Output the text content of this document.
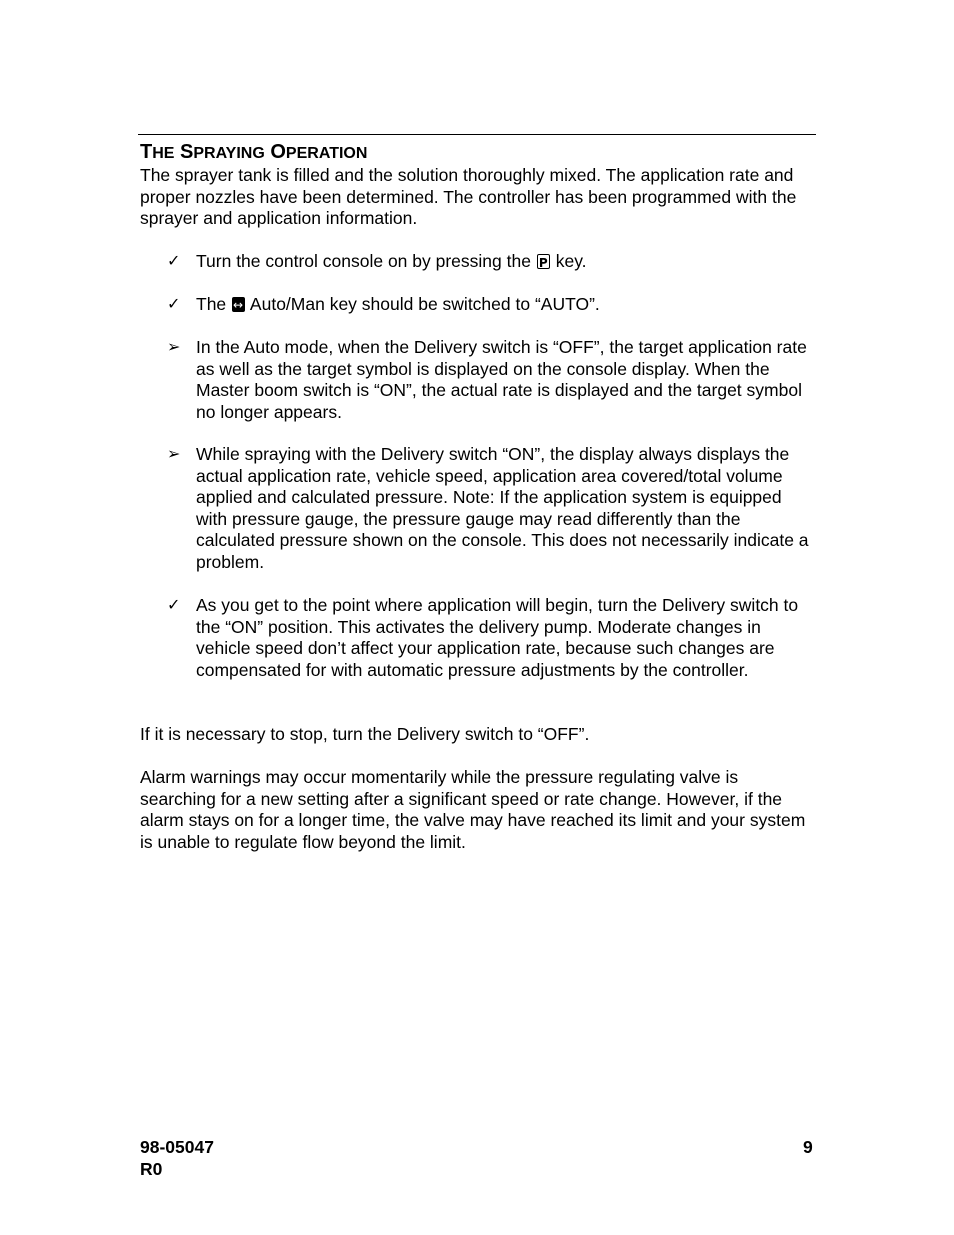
THE SPRAYING OPERATION

The sprayer tank is filled and the solution thoroughly mixed. The application rate and proper nozzles have been determined. The controller has been programmed with the sprayer and application information.

✓ Turn the control console on by pressing the P key.
✓ The ↔ Auto/Man key should be switched to “AUTO”.
➢ In the Auto mode, when the Delivery switch is “OFF”, the target application rate as well as the target symbol is displayed on the console display. When the Master boom switch is “ON”, the actual rate is displayed and the target symbol no longer appears.
➢ While spraying with the Delivery switch “ON”, the display always displays the actual application rate, vehicle speed, application area covered/total volume applied and calculated pressure. Note: If the application system is equipped with pressure gauge, the pressure gauge may read differently than the calculated pressure shown on the console. This does not necessarily indicate a problem.
✓ As you get to the point where application will begin, turn the Delivery switch to the “ON” position. This activates the delivery pump. Moderate changes in vehicle speed don’t affect your application rate, because such changes are compensated for with automatic pressure adjustments by the controller.

If it is necessary to stop, turn the Delivery switch to “OFF”.

Alarm warnings may occur momentarily while the pressure regulating valve is searching for a new setting after a significant speed or rate change. However, if the alarm stays on for a longer time, the valve may have reached its limit and your system is unable to regulate flow beyond the limit.

98-05047
R0
9
